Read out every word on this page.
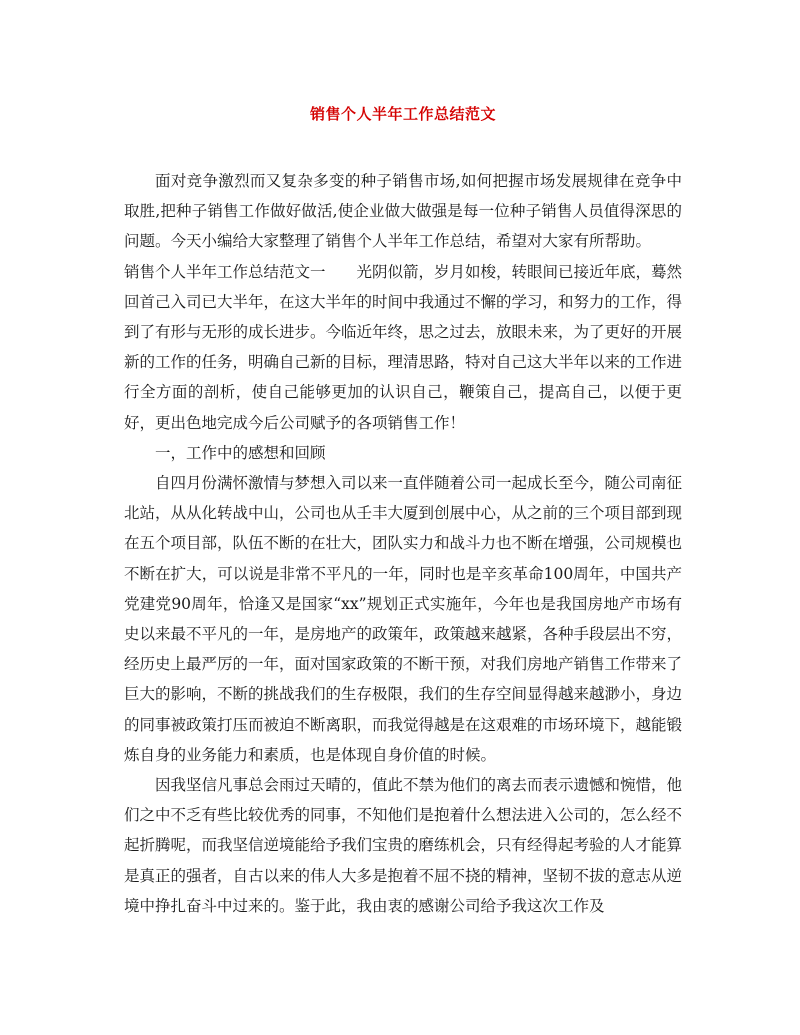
销售个人半年工作总结范文

面对竞争激烈而又复杂多变的种子销售市场,如何把握市场发展规律在竞争中取胜,把种子销售工作做好做活,使企业做大做强是每一位种子销售人员值得深思的问题。今天小编给大家整理了销售个人半年工作总结，希望对大家有所帮助。

销售个人半年工作总结范文一　　光阴似箭，岁月如梭，转眼间已接近年底，蓦然回首己入司已大半年，在这大半年的时间中我通过不懈的学习，和努力的工作，得到了有形与无形的成长进步。今临近年终，思之过去，放眼未来，为了更好的开展新的工作的任务，明确自己新的目标，理清思路，特对自己这大半年以来的工作进行全方面的剖析，使自己能够更加的认识自己，鞭策自己，提高自己，以便于更好，更出色地完成今后公司赋予的各项销售工作！

一，工作中的感想和回顾

自四月份满怀激情与梦想入司以来一直伴随着公司一起成长至今，随公司南征北站，从从化转战中山，公司也从壬丰大厦到创展中心，从之前的三个项目部到现在五个项目部，队伍不断的在壮大，团队实力和战斗力也不断在增强，公司规模也不断在扩大，可以说是非常不平凡的一年，同时也是辛亥革命100周年，中国共产党建党90周年，恰逢又是国家“xx”规划正式实施年，今年也是我国房地产市场有史以来最不平凡的一年，是房地产的政策年，政策越来越紧，各种手段层出不穷，经历史上最严厉的一年，面对国家政策的不断干预，对我们房地产销售工作带来了巨大的影响，不断的挑战我们的生存极限，我们的生存空间显得越来越渺小，身边的同事被政策打压而被迫不断离职，而我觉得越是在这艰难的市场环境下，越能锻炼自身的业务能力和素质，也是体现自身价值的时候。

因我坚信凡事总会雨过天晴的，值此不禁为他们的离去而表示遗憾和惋惜，他们之中不乏有些比较优秀的同事，不知他们是抱着什么想法进入公司的，怎么经不起折腾呢，而我坚信逆境能给予我们宝贵的磨练机会，只有经得起考验的人才能算是真正的强者，自古以来的伟人大多是抱着不屈不挠的精神，坚韧不拔的意志从逆境中挣扎奋斗中过来的。鉴于此，我由衷的感谢公司给予我这次工作及
